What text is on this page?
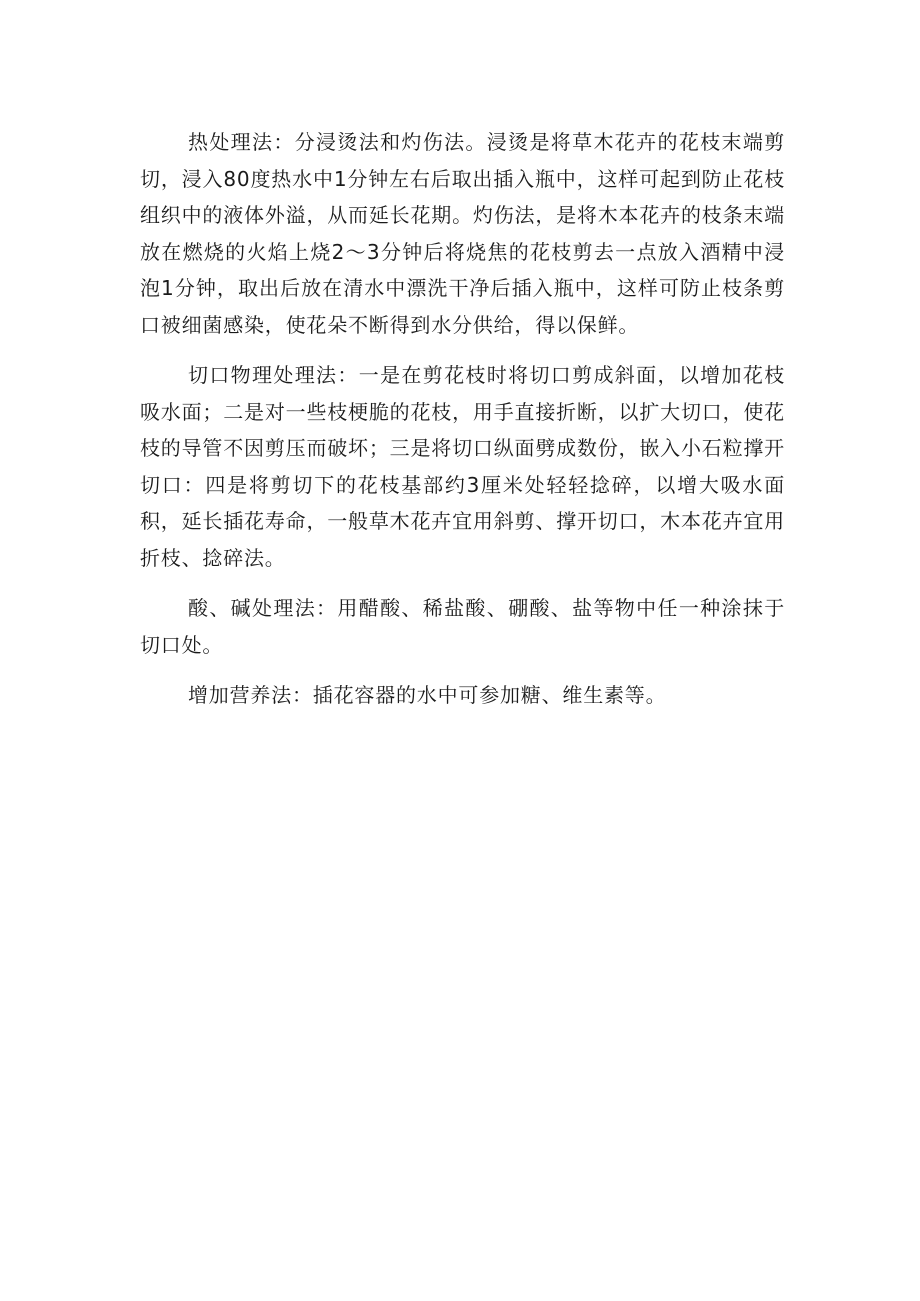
热处理法：分浸烫法和灼伤法。浸烫是将草木花卉的花枝末端剪切，浸入80度热水中1分钟左右后取出插入瓶中，这样可起到防止花枝组织中的液体外溢，从而延长花期。灼伤法，是将木本花卉的枝条末端放在燃烧的火焰上烧2～3分钟后将烧焦的花枝剪去一点放入酒精中浸泡1分钟，取出后放在清水中漂洗干净后插入瓶中，这样可防止枝条剪口被细菌感染，使花朵不断得到水分供给，得以保鲜。

切口物理处理法：一是在剪花枝时将切口剪成斜面，以增加花枝吸水面；二是对一些枝梗脆的花枝，用手直接折断，以扩大切口，使花枝的导管不因剪压而破坏；三是将切口纵面劈成数份，嵌入小石粒撑开切口：四是将剪切下的花枝基部约3厘米处轻轻捻碎，以增大吸水面积，延长插花寿命，一般草木花卉宜用斜剪、撑开切口，木本花卉宜用折枝、捻碎法。

酸、碱处理法：用醋酸、稀盐酸、硼酸、盐等物中任一种涂抹于切口处。

增加营养法：插花容器的水中可参加糖、维生素等。
